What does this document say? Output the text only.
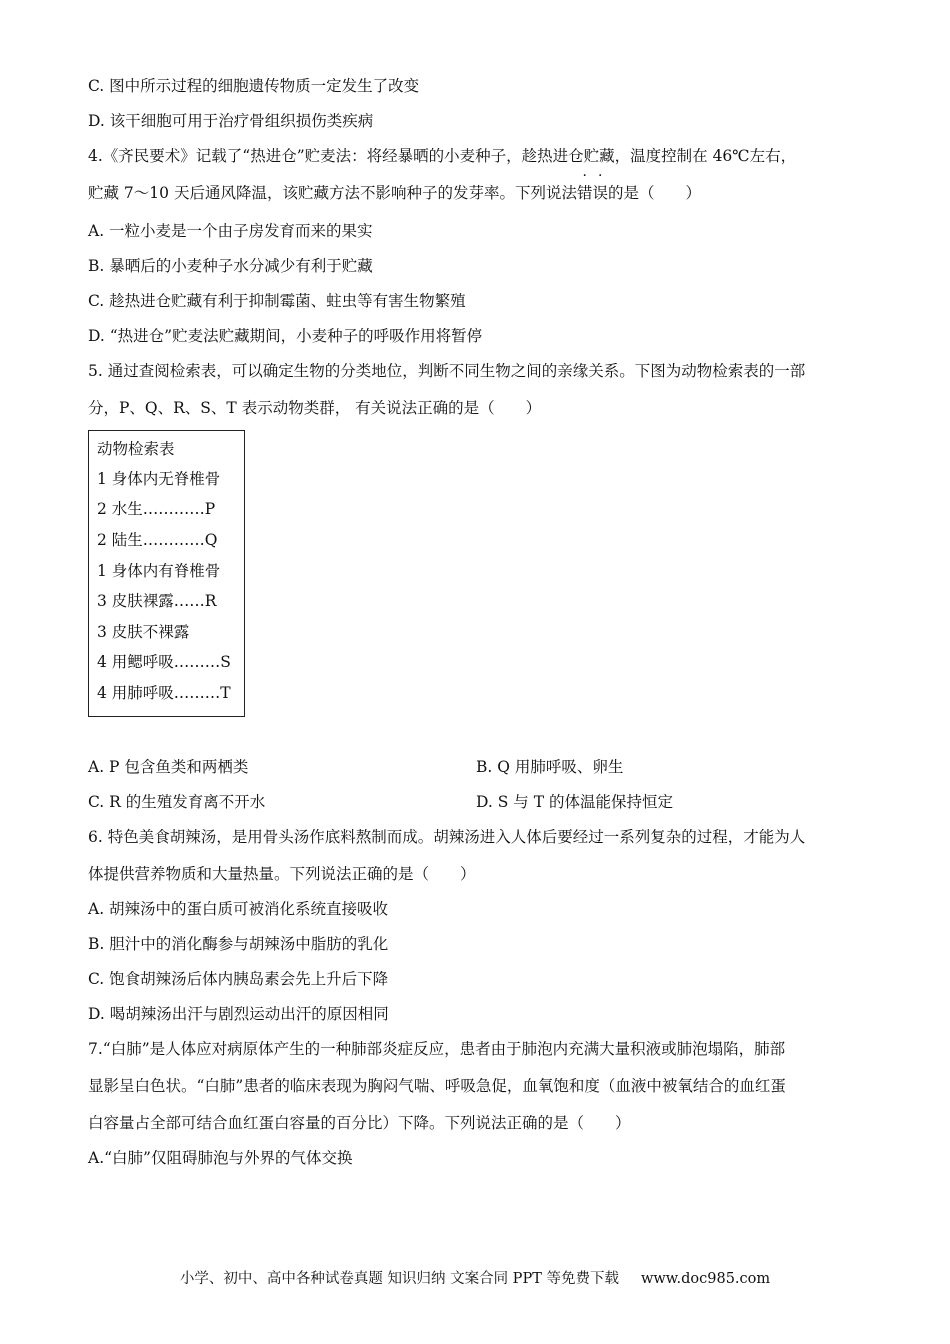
C. 图中所示过程的细胞遗传物质一定发生了改变
D. 该干细胞可用于治疗骨组织损伤类疾病
4.《齐民要术》记载了“热进仓”贮麦法：将经暴晒的小麦种子，趁热进仓贮藏，温度控制在 46℃左右，
贮藏 7～10 天后通风降温，该贮藏方法不影响种子的发芽率。下列说法错误的是（　　）
A. 一粒小麦是一个由子房发育而来的果实
B. 暴晒后的小麦种子水分减少有利于贮藏
C. 趁热进仓贮藏有利于抑制霉菌、蛀虫等有害生物繁殖
D. “热进仓”贮麦法贮藏期间，小麦种子的呼吸作用将暂停
5. 通过查阅检索表，可以确定生物的分类地位，判断不同生物之间的亲缘关系。下图为动物检索表的一部
分，P、Q、R、S、T 表示动物类群， 有关说法正确的是（　　）
动物检索表
1 身体内无脊椎骨
2 水生…………P
2 陆生…………Q
1 身体内有脊椎骨
3 皮肤裸露……R
3 皮肤不裸露
4 用鳃呼吸………S
4 用肺呼吸………T
A. P 包含鱼类和两栖类	B. Q 用肺呼吸、卵生
C. R 的生殖发育离不开水	D. S 与 T 的体温能保持恒定
6. 特色美食胡辣汤，是用骨头汤作底料熬制而成。胡辣汤进入人体后要经过一系列复杂的过程，才能为人
体提供营养物质和大量热量。下列说法正确的是（　　）
A. 胡辣汤中的蛋白质可被消化系统直接吸收
B. 胆汁中的消化酶参与胡辣汤中脂肪的乳化
C. 饱食胡辣汤后体内胰岛素会先上升后下降
D. 喝胡辣汤出汗与剧烈运动出汗的原因相同
7.“白肺”是人体应对病原体产生的一种肺部炎症反应，患者由于肺泡内充满大量积液或肺泡塌陷，肺部
显影呈白色状。“白肺”患者的临床表现为胸闷气喘、呼吸急促，血氧饱和度（血液中被氧结合的血红蛋
白容量占全部可结合血红蛋白容量的百分比）下降。下列说法正确的是（　　）
A.“白肺”仅阻碍肺泡与外界的气体交换
小学、初中、高中各种试卷真题 知识归纳 文案合同 PPT 等免费下载 www.doc985.com
